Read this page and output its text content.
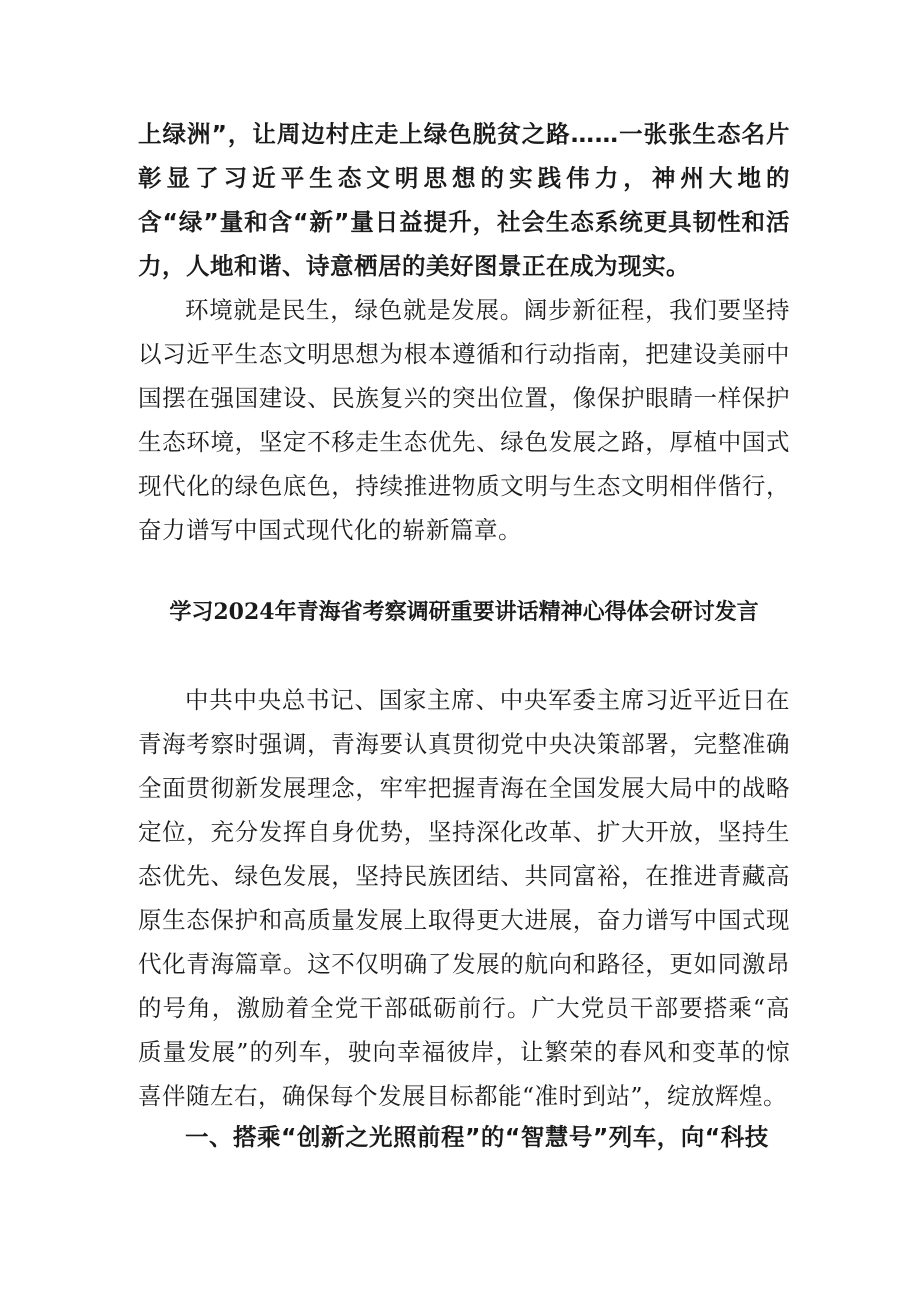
上绿洲”，让周边村庄走上绿色脱贫之路……一张张生态名片彰显了习近平生态文明思想的实践伟力，神州大地的含“绿”量和含“新”量日益提升，社会生态系统更具韧性和活力，人地和谐、诗意栖居的美好图景正在成为现实。

环境就是民生，绿色就是发展。阔步新征程，我们要坚持以习近平生态文明思想为根本遵循和行动指南，把建设美丽中国摆在强国建设、民族复兴的突出位置，像保护眼睛一样保护生态环境，坚定不移走生态优先、绿色发展之路，厚植中国式现代化的绿色底色，持续推进物质文明与生态文明相伴偕行，奋力谱写中国式现代化的崭新篇章。

学习2024年青海省考察调研重要讲话精神心得体会研讨发言

中共中央总书记、国家主席、中央军委主席习近平近日在青海考察时强调，青海要认真贯彻党中央决策部署，完整准确全面贯彻新发展理念，牢牢把握青海在全国发展大局中的战略定位，充分发挥自身优势，坚持深化改革、扩大开放，坚持生态优先、绿色发展，坚持民族团结、共同富裕，在推进青藏高原生态保护和高质量发展上取得更大进展，奋力谱写中国式现代化青海篇章。这不仅明确了发展的航向和路径，更如同激昂的号角，激励着全党干部砥砺前行。广大党员干部要搭乘“高质量发展”的列车，驶向幸福彼岸，让繁荣的春风和变革的惊喜伴随左右，确保每个发展目标都能“准时到站”，绽放辉煌。

一、搭乘“创新之光照前程”的“智慧号”列车，向“科技
